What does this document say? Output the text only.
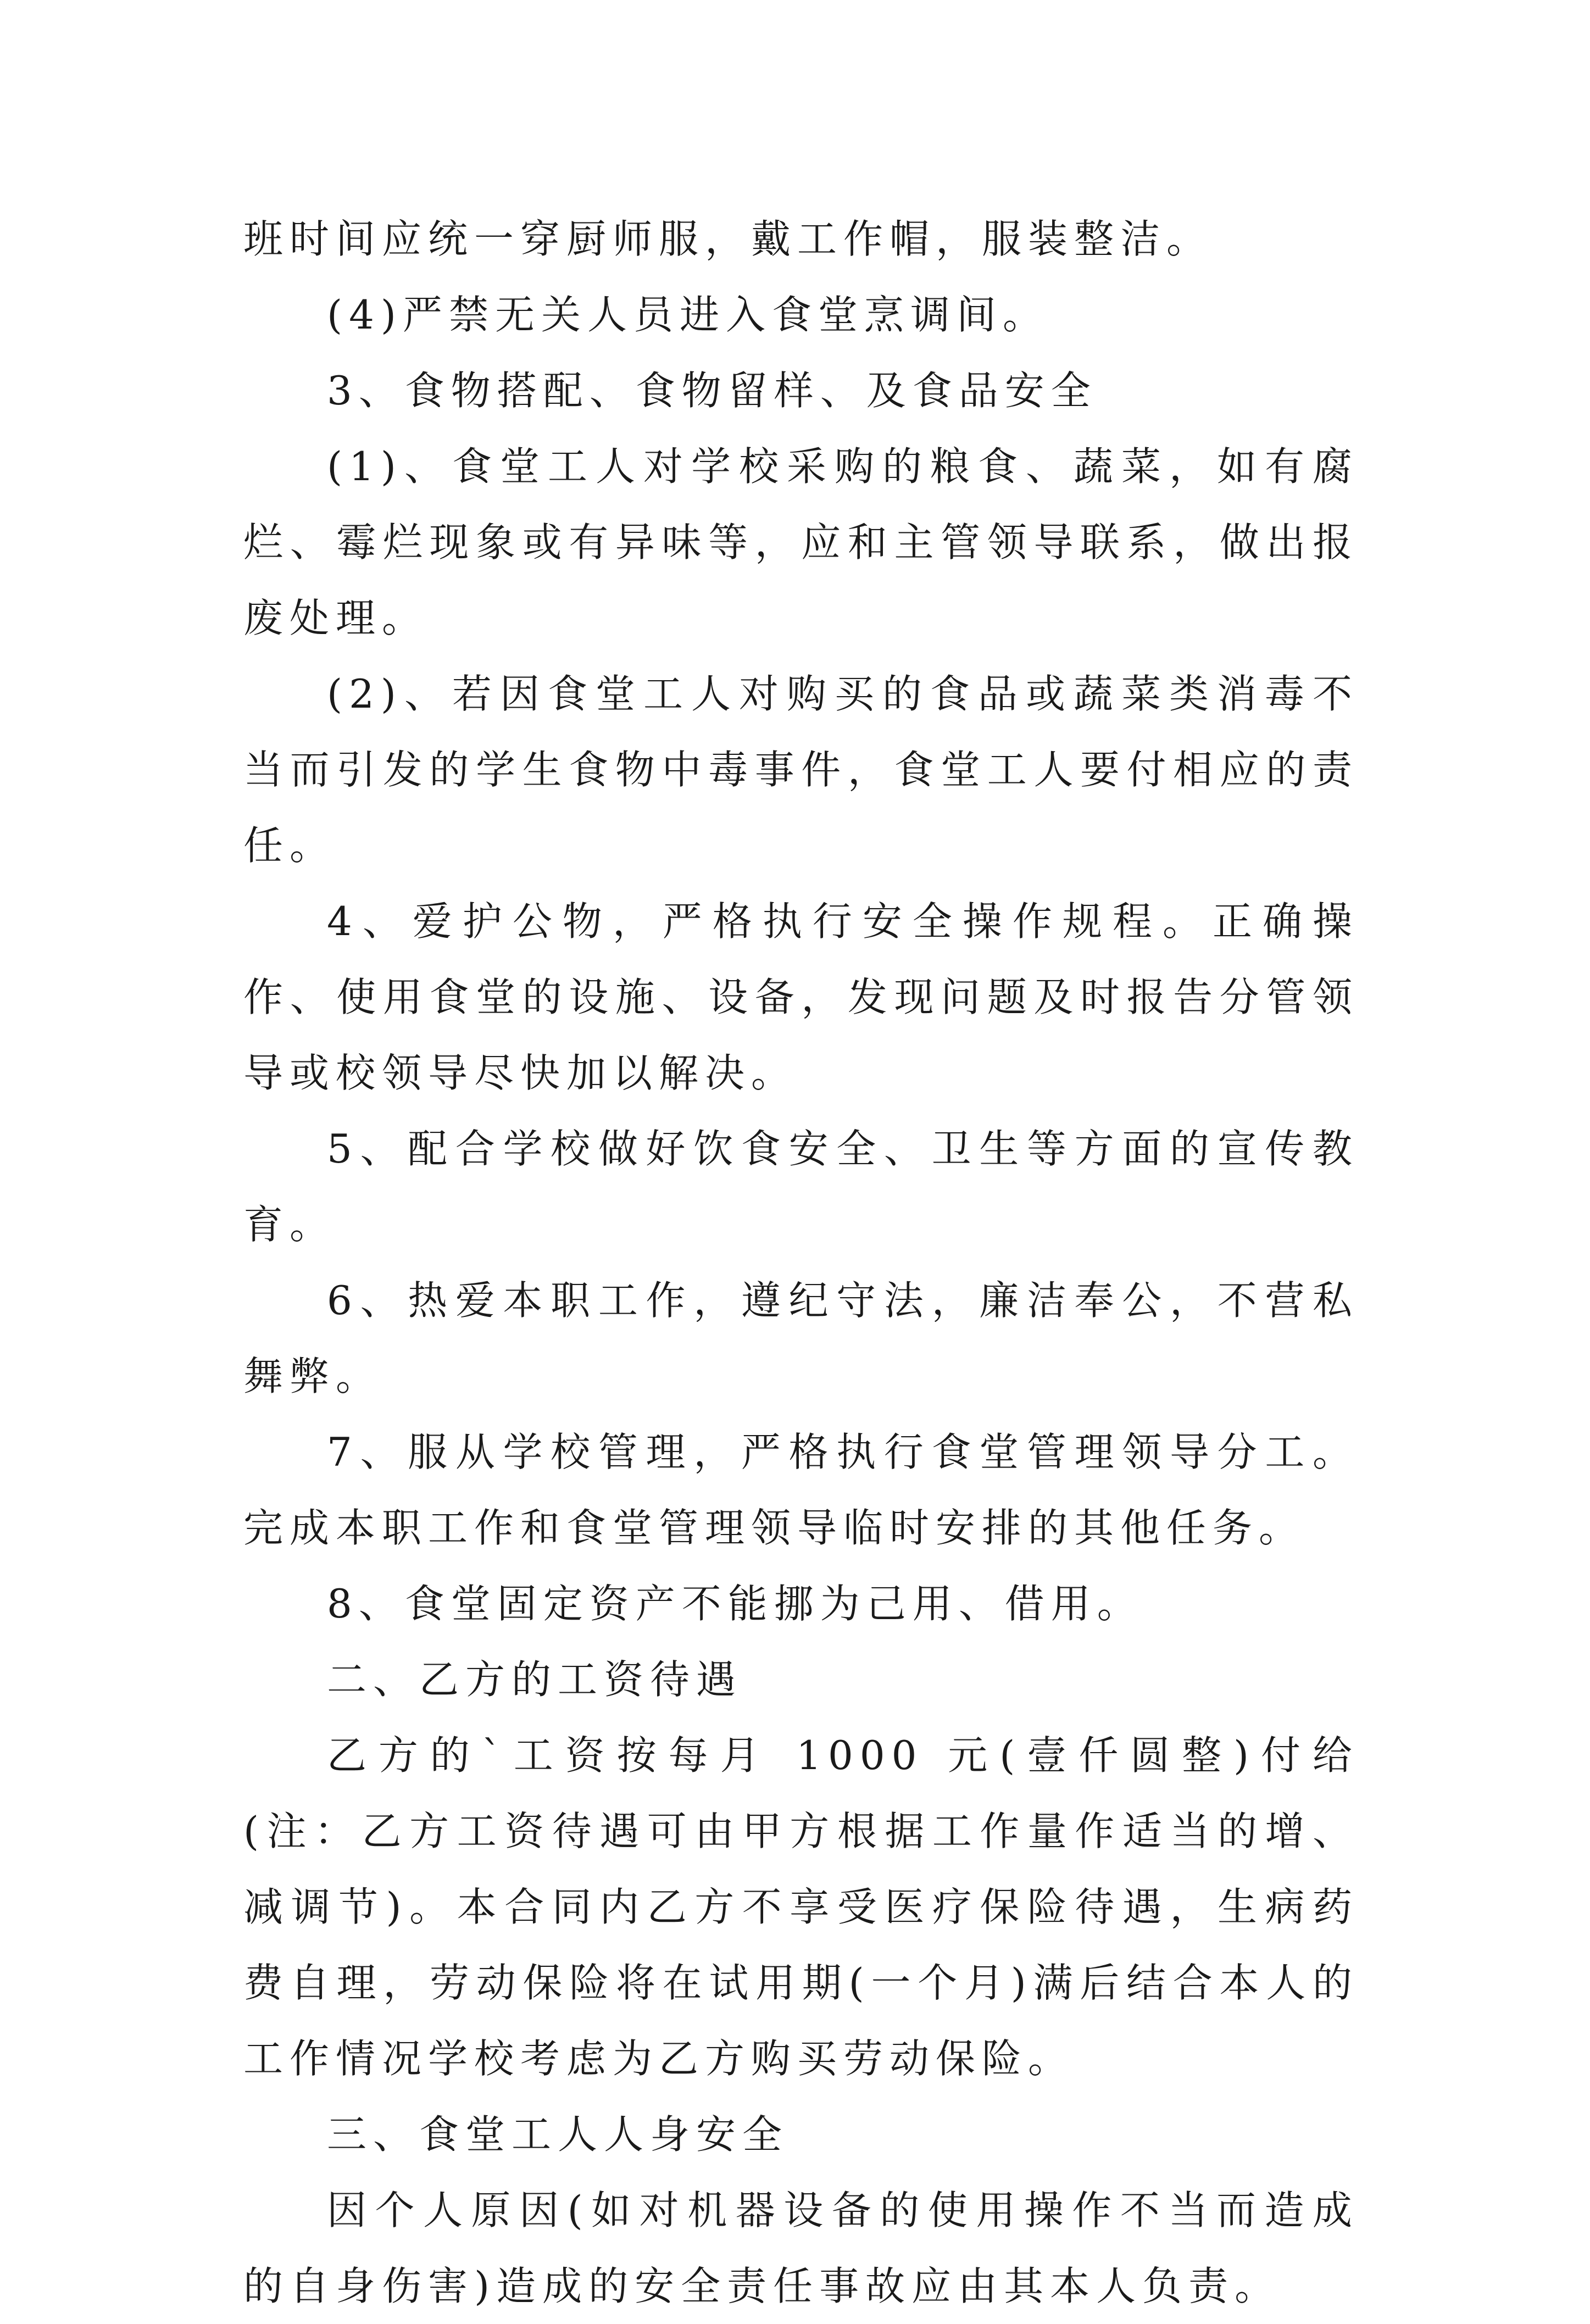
班时间应统一穿厨师服，戴工作帽，服装整洁。

(4)严禁无关人员进入食堂烹调间。

3、食物搭配、食物留样、及食品安全

(1)、食堂工人对学校采购的粮食、蔬菜，如有腐烂、霉烂现象或有异味等，应和主管领导联系，做出报废处理。

(2)、若因食堂工人对购买的食品或蔬菜类消毒不当而引发的学生食物中毒事件，食堂工人要付相应的责任。

4、爱护公物，严格执行安全操作规程。正确操作、使用食堂的设施、设备，发现问题及时报告分管领导或校领导尽快加以解决。

5、配合学校做好饮食安全、卫生等方面的宣传教育。

6、热爱本职工作，遵纪守法，廉洁奉公，不营私舞弊。

7、服从学校管理，严格执行食堂管理领导分工。完成本职工作和食堂管理领导临时安排的其他任务。

8、食堂固定资产不能挪为己用、借用。

二、乙方的工资待遇

乙方的`工资按每月 1000 元(壹仟圆整)付给(注：乙方工资待遇可由甲方根据工作量作适当的增、减调节)。本合同内乙方不享受医疗保险待遇，生病药费自理，劳动保险将在试用期(一个月)满后结合本人的工作情况学校考虑为乙方购买劳动保险。

三、食堂工人人身安全

因个人原因(如对机器设备的使用操作不当而造成的自身伤害)造成的安全责任事故应由其本人负责。
